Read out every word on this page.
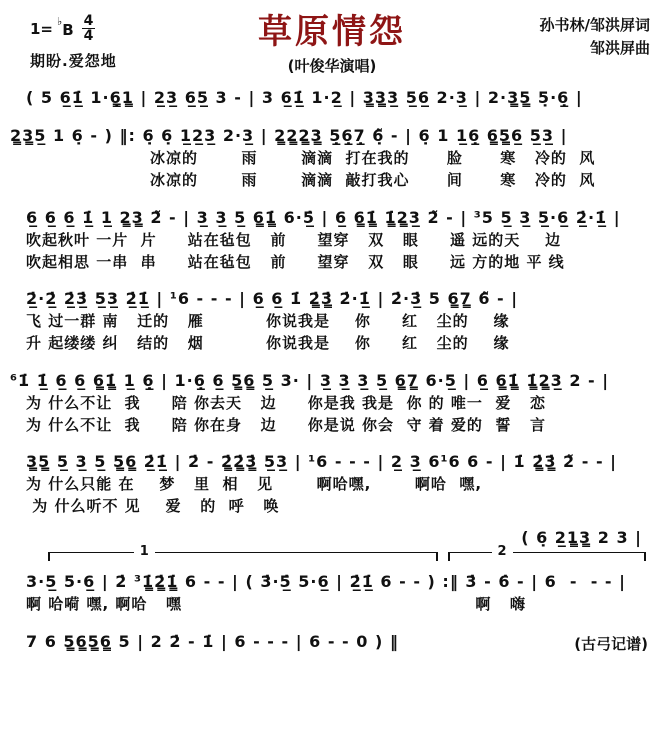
$1= ^♭B \frac{4}{4}$
期盼.爱怨地
草原情怨
(叶俊华演唱)
孙书林/邹洪屏词
邹洪屏曲
( 5 6̲1̲̇ 1·6̣̳1̳ | 2̲3̲ 6̲5̲ 3 - | 3 6̲1̲̇ 1·2̲ | 3̳3̳3̲ 5̲6̲ 2·3̲ | 2·3̳5̳ 5̣·6̲̣ |
2̳3̳5̲ 1 6̣ - ) ‖: 6̣ 6̣ 1̲2̲3̲ 2·3̲ | 2̳2̳2̳3̳ 5̲̣6̲̣7̲̣ 6̣̃ - | 6̣ 1 1̲6̲̣ 6̳5̳6̲ 5̲3̲ |
冰凉的       雨       滴滴  打在我的      脸      寒   冷的  风
冰凉的       雨       滴滴  敲打我心      间      寒   冷的  风
6̲ 6̲ 6̲ 1̲̇ 1̲ 2̳3̳ 2̃ - | 3̲ 3̲ 5̲ 6̳1̳̇ 6·5̲̇ | 6̲ 6̳1̳̇ 1̳̇2̳3̲ 2̃ - | ³5 5̲ 3̲ 5̲·6̲ 2̲̇·1̲̇ |
吹起秋叶 一片  片     站在毡包   前     望穿   双   眼     遥 远的天    边
吹起相思 一串  串     站在毡包   前     望穿   双   眼     远 方的地 平 线
2̲̇·2̲̇ 2̲̇3̲̇ 5̲3̲ 2̲̇1̲̇ | ¹6 - - - | 6̲ 6̲ 1̇ 2̳̇3̳̇ 2̇·1̲̇ | 2̇·3̲̇ 5 6̳7̳ 6̃ - |
飞 过一群 南   迁的   雁          你说我是    你     红   尘的    缘
升 起缕缕 纠   结的   烟          你说我是    你     红   尘的    缘
⁶1̇ 1̲̇ 6̲ 6̲ 6̳1̳̇ 1̲ 6̲̣ | 1·6̲̣ 6̲ 5̳6̳ 5̲ 3· | 3̲ 3̲ 3̲ 5̲ 6̳7̳ 6·5̲ | 6̲ 6̳1̳̇ 1̳̇2̳3̲ 2 - |
为 什么不让  我     陪 你去天   边     你是我 我是  你 的 唯一  爱   恋
为 什么不让  我     陪 你在身   边     你是说 你会  守 着 爱的  誓   言
3̳5̳ 5̲ 3̲ 5̲ 5̳6̳ 2̲̇1̲̇ | 2̇ - 2̳̇2̳̇3̳̇ 5̲3̲ | ¹6 - - - | 2̲ 3̲ 6¹6 6 - | 1̇ 2̳̇3̳̇ 2̃ - - |
为 什么只能 在    梦   里  相   见       啊哈嘿,       啊哈  嘿,
为 什么听不 见    爱   的  呼   唤
( 6̣ 2̲1̳3̳ 2 3 |
1	2
3·5̲ 5·6̲ | 2̇ ³1̳̇2̳̇1̳̇ 6 - - | ( 3̇·5̲̇ 5·6̲ | 2̲̇1̲̇ 6 - - ) :‖ 3̇ - 6̇ - | 6  -  - - |
啊 哈嗬 嘿, 啊哈   嘿	啊   嗨
7 6 5̳6̳5̳6̳ 5 | 2 2̇ - 1̇ | 6 - - - | 6 - - 0 ) ‖	(古弓记谱)
